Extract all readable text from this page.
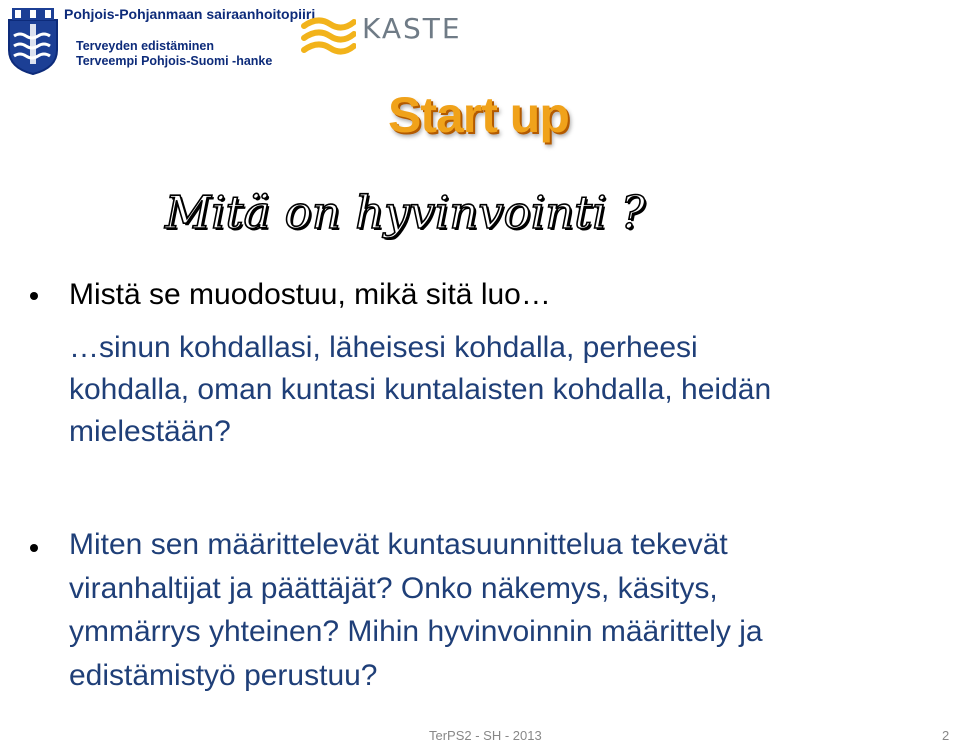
Pohjois-Pohjanmaan sairaanhoitopiiri
Terveyden edistäminen
Terveempi Pohjois-Suomi -hanke
KASTE
Start up
Mitä on hyvinvointi ?
Mistä se muodostuu, mikä sitä luo…
…sinun kohdallasi, läheisesi kohdalla, perheesi
kohdalla, oman kuntasi kuntalaisten kohdalla, heidän
mielestään?
Miten sen määrittelevät kuntasuunnittelua tekevät
viranhaltijat ja päättäjät? Onko näkemys, käsitys,
ymmärrys yhteinen? Mihin hyvinvoinnin määrittely ja
edistämistyö perustuu?
TerPS2 - SH - 2013	2
